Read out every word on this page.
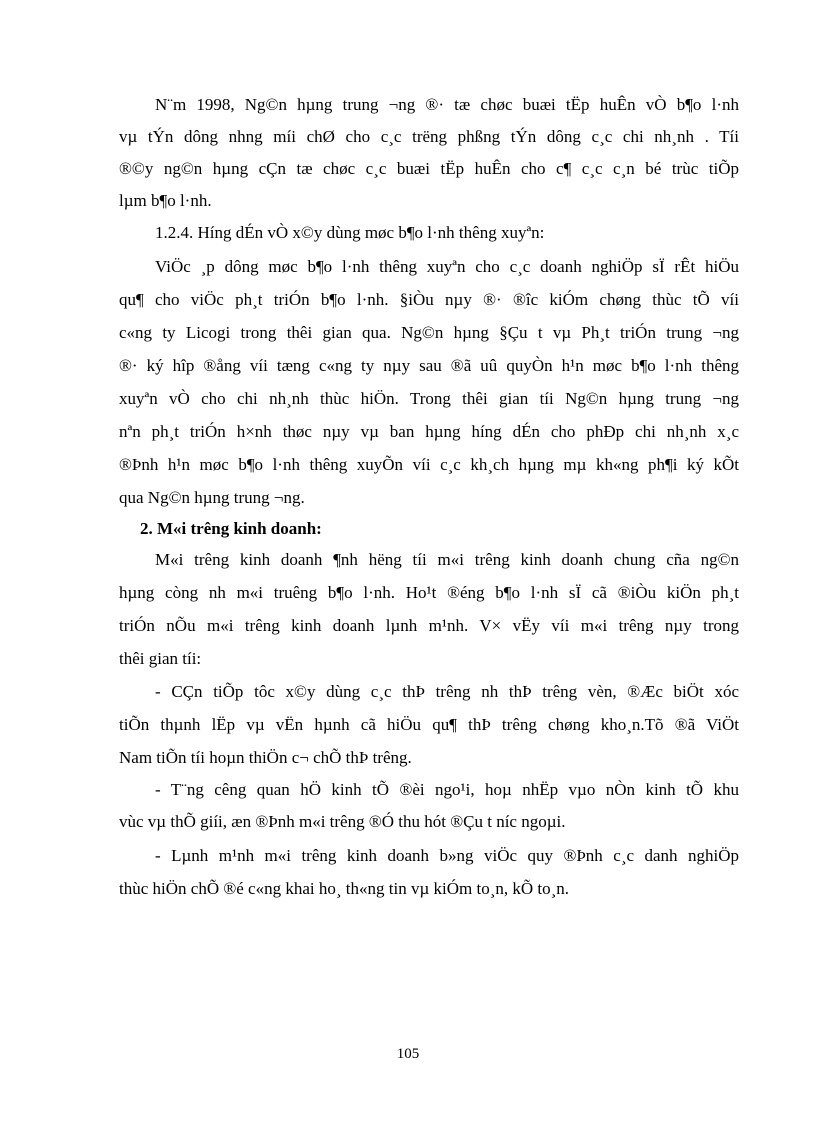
N¨m 1998, Ng©n hµng trung ¬ng ®· tæ chøc buæi tËp huÊn vÒ b¶o l·nh
vµ tÝn dông nhng míi chØ cho c¸c trëng phßng tÝn dông c¸c chi nh¸nh . Tíi
®©y ng©n hµng cÇn tæ chøc c¸c buæi tËp huÊn cho c¶ c¸c c¸n bé trùc tiÕp
lµm b¶o l·nh.
1.2.4. Híng dÉn vÒ x©y dùng møc b¶o l·nh thêng xuyªn:
ViÖc ¸p dông møc b¶o l·nh thêng xuyªn cho c¸c doanh nghiÖp sÏ rÊt hiÖu
qu¶ cho viÖc ph¸t triÓn b¶o l·nh. §iÒu nµy ®· ®îc kiÓm chøng thùc tÕ víi
c«ng ty Licogi trong thêi gian qua. Ng©n hµng §Çu t vµ Ph¸t triÓn trung ¬ng
®· ký hîp ®ång víi tæng c«ng ty nµy sau ®ã uû quyÒn h¹n møc b¶o l·nh thêng
xuyªn vÒ cho chi nh¸nh thùc hiÖn. Trong thêi gian tíi Ng©n hµng trung ¬ng
nªn ph¸t triÓn h×nh thøc nµy vµ ban hµng híng dÉn cho phÐp chi nh¸nh x¸c
®Þnh h¹n møc b¶o l·nh thêng xuyÕn víi c¸c kh¸ch hµng mµ kh«ng ph¶i ký kÕt
qua Ng©n hµng trung ¬ng.
2. M«i trêng kinh doanh:
M«i trêng kinh doanh ¶nh hëng tíi m«i trêng kinh doanh chung cña ng©n
hµng còng nh m«i truêng b¶o l·nh. Ho¹t ®éng b¶o l·nh sÏ cã ®iÒu kiÖn ph¸t
triÓn nÕu m«i trêng kinh doanh lµnh m¹nh. V× vËy víi m«i trêng nµy trong
thêi gian tíi:
- CÇn tiÕp tôc x©y dùng c¸c thÞ trêng nh thÞ trêng vèn, ®Æc biÖt xóc
tiÕn thµnh lËp vµ vËn hµnh cã hiÖu qu¶ thÞ trêng chøng kho¸n.Tõ ®ã ViÖt
Nam tiÕn tíi hoµn thiÖn c¬ chÕ thÞ trêng.
- T¨ng cêng quan hÖ kinh tÕ ®èi ngo¹i, hoµ nhËp vµo nÒn kinh tÕ khu
vùc vµ thÕ giíi, æn ®Þnh m«i trêng ®Ó thu hót ®Çu t níc ngoµi.
- Lµnh m¹nh m«i trêng kinh doanh b»ng viÖc quy ®Þnh c¸c danh nghiÖp
thùc hiÖn chÕ ®é c«ng khai ho¸ th«ng tin vµ kiÓm to¸n, kÕ to¸n.
105
